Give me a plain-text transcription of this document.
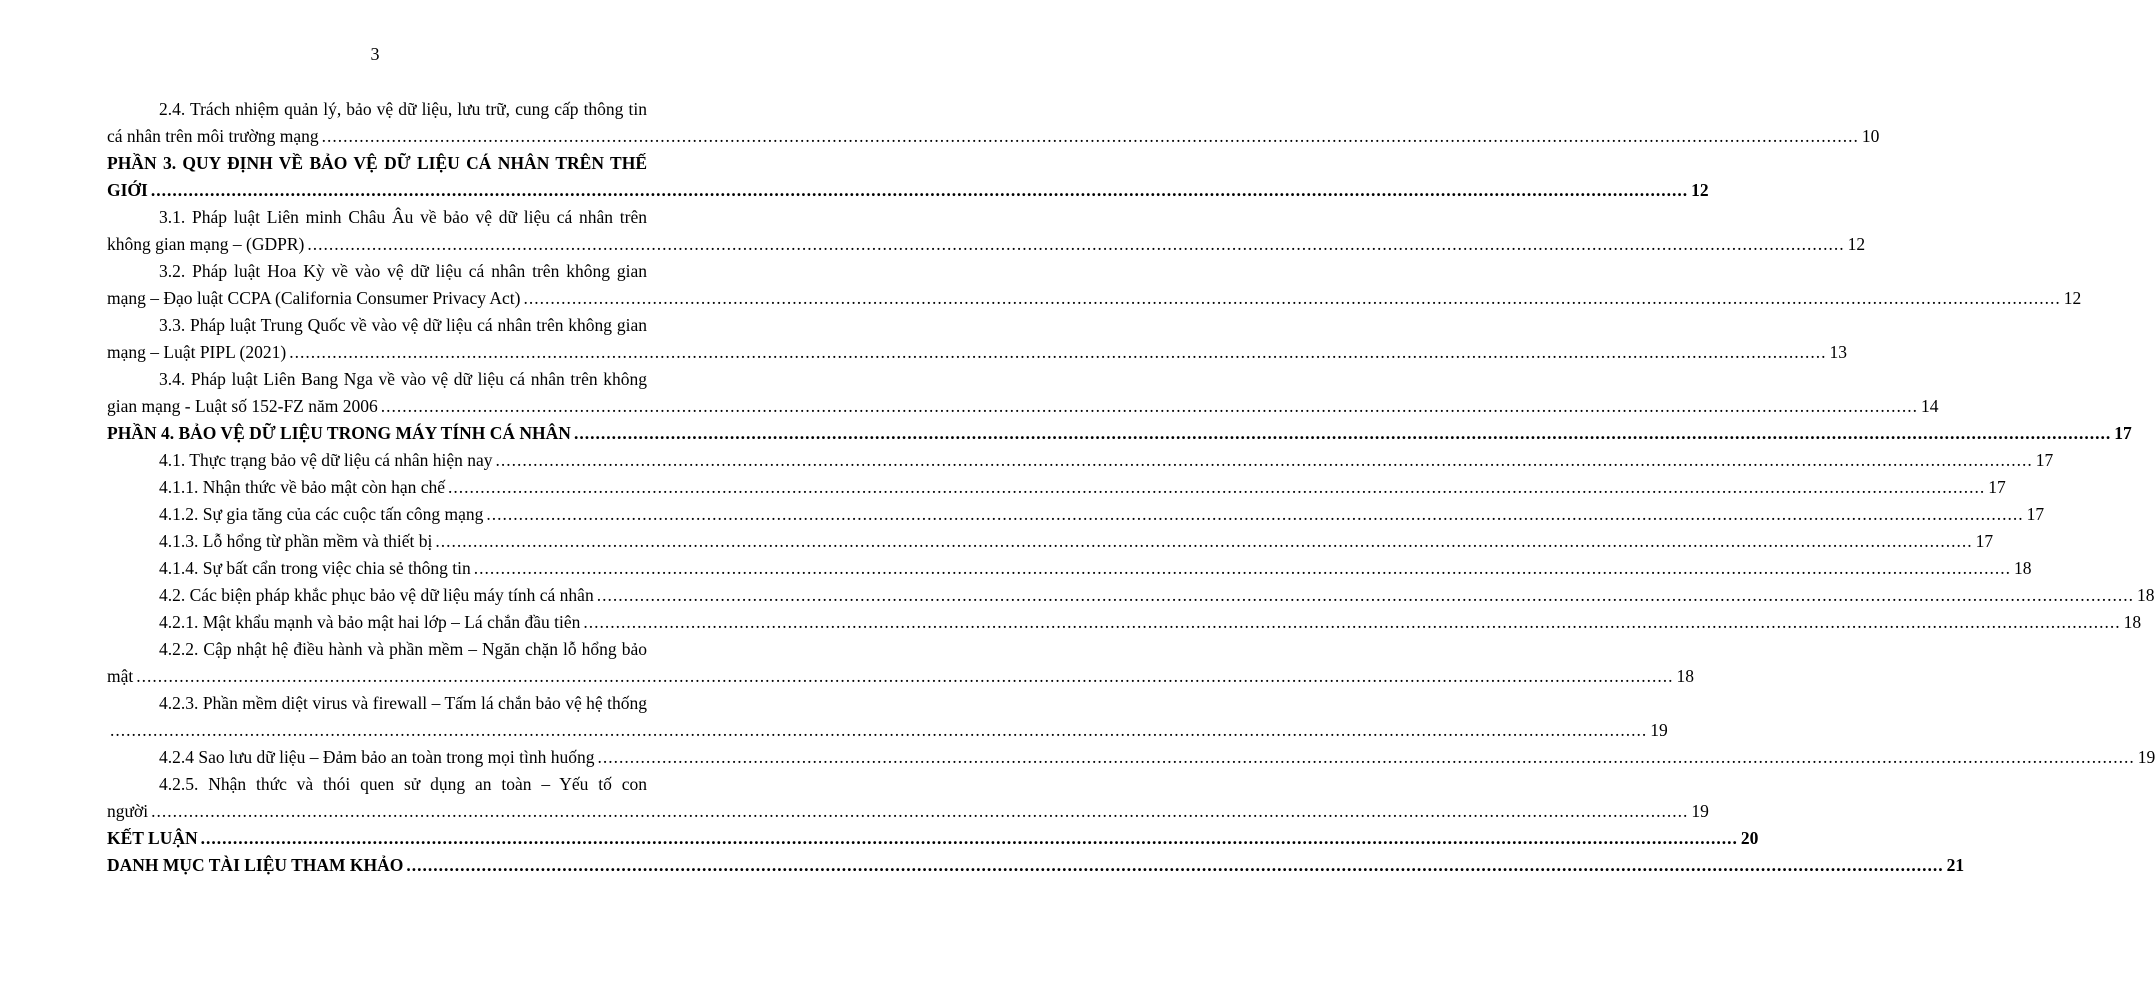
3
2.4. Trách nhiệm quản lý, bảo vệ dữ liệu, lưu trữ, cung cấp thông tin
cá nhân trên môi trường mạng .............................................................................................................................................................................................................................................................................................. 10
PHẦN 3. QUY ĐỊNH VỀ BẢO VỆ DỮ LIỆU CÁ NHÂN TRÊN THẾ
GIỚI .............................................................................................................................................................................................................................................................................................. 12
3.1. Pháp luật Liên minh Châu Âu về bảo vệ dữ liệu cá nhân trên
không gian mạng – (GDPR) .............................................................................................................................................................................................................................................................................................. 12
3.2. Pháp luật Hoa Kỳ về vào vệ dữ liệu cá nhân trên không gian
mạng – Đạo luật CCPA (California Consumer Privacy Act) .............................................................................................................................................................................................................................................................................................. 12
3.3. Pháp luật Trung Quốc về vào vệ dữ liệu cá nhân trên không gian
mạng – Luật PIPL (2021) .............................................................................................................................................................................................................................................................................................. 13
3.4. Pháp luật Liên Bang Nga về vào vệ dữ liệu cá nhân trên không
gian mạng - Luật số 152-FZ năm 2006 .............................................................................................................................................................................................................................................................................................. 14
PHẦN 4. BẢO VỆ DỮ LIỆU TRONG MÁY TÍNH CÁ NHÂN .............................................................................................................................................................................................................................................................................................. 17
4.1. Thực trạng bảo vệ dữ liệu cá nhân hiện nay .............................................................................................................................................................................................................................................................................................. 17
4.1.1. Nhận thức về bảo mật còn hạn chế .............................................................................................................................................................................................................................................................................................. 17
4.1.2. Sự gia tăng của các cuộc tấn công mạng .............................................................................................................................................................................................................................................................................................. 17
4.1.3. Lỗ hổng từ phần mềm và thiết bị .............................................................................................................................................................................................................................................................................................. 17
4.1.4. Sự bất cẩn trong việc chia sẻ thông tin .............................................................................................................................................................................................................................................................................................. 18
4.2. Các biện pháp khắc phục bảo vệ dữ liệu máy tính cá nhân .............................................................................................................................................................................................................................................................................................. 18
4.2.1. Mật khẩu mạnh và bảo mật hai lớp – Lá chắn đầu tiên .............................................................................................................................................................................................................................................................................................. 18
4.2.2. Cập nhật hệ điều hành và phần mềm – Ngăn chặn lỗ hổng bảo
mật .............................................................................................................................................................................................................................................................................................. 18
4.2.3. Phần mềm diệt virus và firewall – Tấm lá chắn bảo vệ hệ thống
.............................................................................................................................................................................................................................................................................................. 19
4.2.4 Sao lưu dữ liệu – Đảm bảo an toàn trong mọi tình huống .............................................................................................................................................................................................................................................................................................. 19
4.2.5. Nhận thức và thói quen sử dụng an toàn – Yếu tố con
người .............................................................................................................................................................................................................................................................................................. 19
KẾT LUẬN .............................................................................................................................................................................................................................................................................................. 20
DANH MỤC TÀI LIỆU THAM KHẢO .............................................................................................................................................................................................................................................................................................. 21
